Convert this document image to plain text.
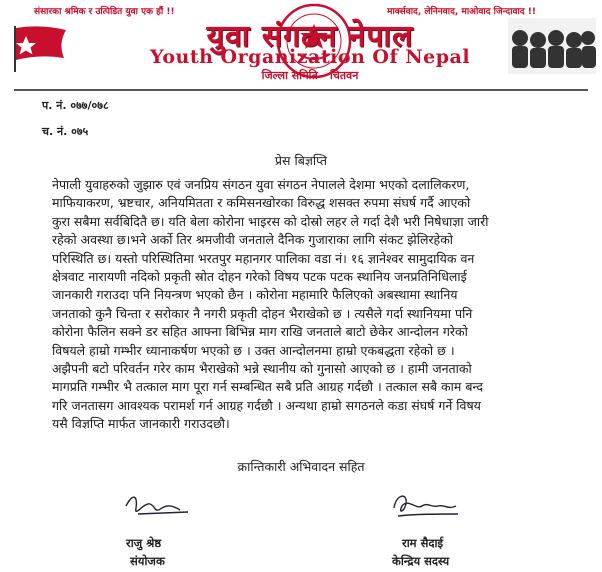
संसारका श्रमिक र उत्पिडित युवा एक हौं !!	मार्क्सवाद, लेनिनवाद, माओवाद जिन्दावाद !!
युवा संगठन नेपाल
Youth Organization Of Nepal
जिल्ला समिति - चितवन
प. नं. ०७७/०७८
च. नं. ०७५
प्रेस बिज्ञप्ति
नेपाली युवाहरुको जुझारु एवं जनप्रिय संगठन युवा संगठन नेपालले देशमा भएको दलालिकरण,
माफियाकरण, भ्रष्टचार, अनियमितता र कमिसनखोरका विरुद्ध शसक्त रुपमा संघर्ष गर्दै आएको
कुरा सबैमा सर्वबिदितै छ। यति बेला कोरोना भाइरस को दोस्रो लहर ले गर्दा देशै भरी निषेधाज्ञा जारी
रहेको अवस्था छ।भने अर्को तिर श्रमजीवी जनताले दैनिक गुजाराका लागि संकट झेलिरहेको
परिस्थिति छ। यस्तो परिस्थितिमा भरतपुर महानगर पालिका वडा नं। १६ ज्ञानेश्वर सामुदायिक वन
क्षेत्रवाट नारायणी नदिको प्रकृती स्रोत दोहन गरेको विषय पटक पटक स्थानिय जनप्रतिनिधिलाई
जानकारी गराउदा पनि नियन्त्रण भएको छैन । कोरोना महामारि फैलिएको अबस्थामा स्थानिय
जनताको कुनै चिन्ता र सरोकार नै नगरी प्रकृती दोहन भैराखेको छ । त्यसैले गर्दा स्थानियमा पनि
कोरोना फैलिन सक्ने डर सहित आफ्ना बिभिन्न माग राखि जनताले बाटो छेकेर आन्दोलन गरेको
विषयले हाम्रो गम्भीर ध्यानाकर्षण भएको छ । उक्त आन्दोलनमा हाम्रो एकबद्धता रहेको छ ।
अझैपनी बटो परिवर्तन गरेर काम भैराखेको भन्ने स्थानीय को गुनासो आएको छ । हामी जनताको
मागप्रति गम्भीर भै तत्काल माग पूरा गर्न सम्बन्धित सबै प्रति आग्रह गर्दछौ । तत्काल सबै काम बन्द
गरि जनतासग आवश्यक परामर्श गर्न आग्रह गर्दछौ । अन्यथा हाम्रो सगठनले कडा संघर्ष गर्ने विषय
यसै विज्ञप्ति मार्फत जानकारी गराउदछौ।
क्रान्तिकारी अभिवादन सहित
राजु श्रेष्ठ
संयोजक
राम सैदाई
केन्द्रिय सदस्य
